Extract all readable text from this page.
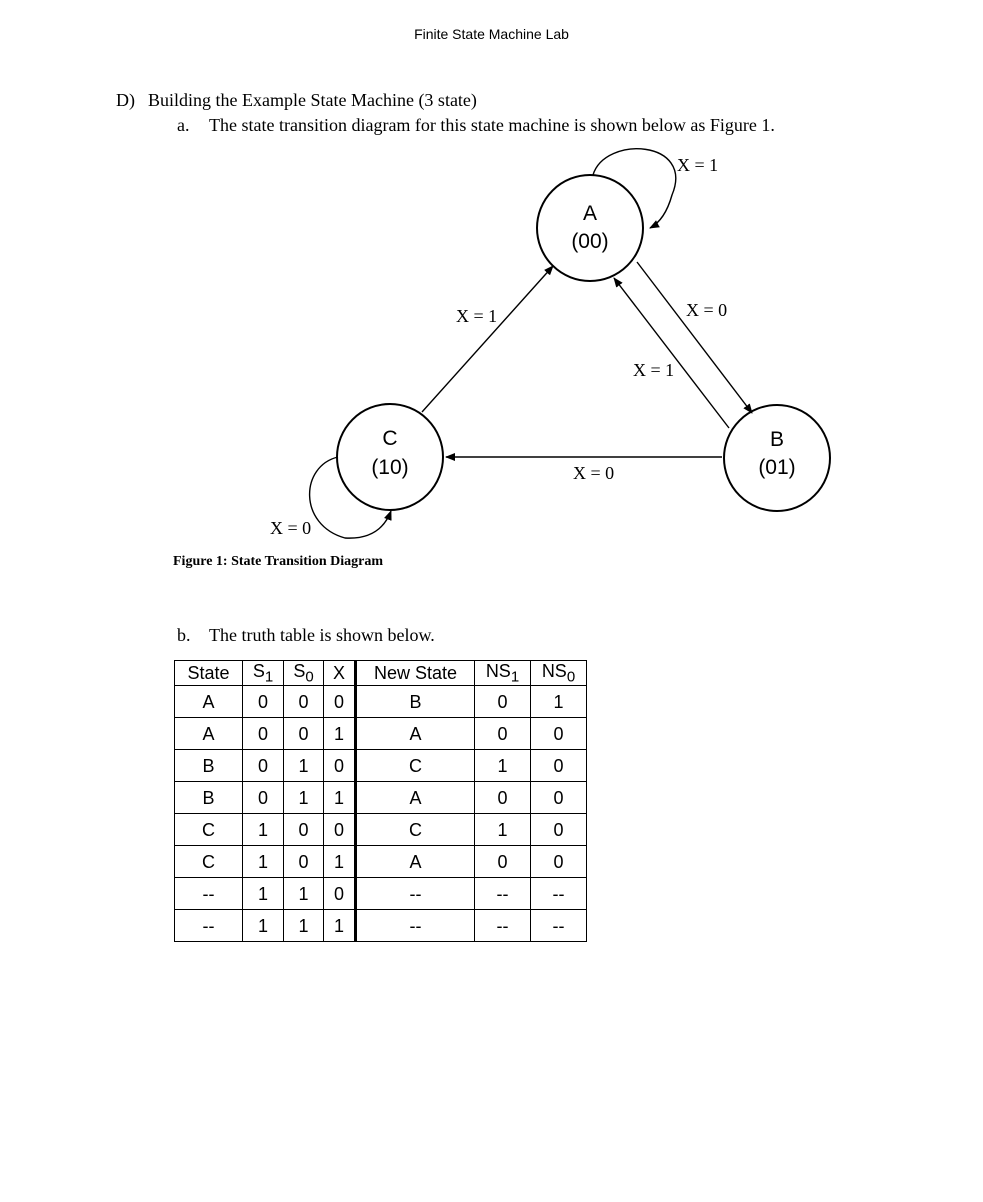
Finite State Machine Lab
D) Building the Example State Machine (3 state)
a. The state transition diagram for this state machine is shown below as Figure 1.
A
(00)
B
(01)
C
(10)
X = 1
X = 0
X = 1
X = 0
X = 1
X = 0
Figure 1: State Transition Diagram
b. The truth table is shown below.
State	$S_1$	$S_0$	X	New State	$NS_1$	$NS_0$
A	0	0	0	B	0	1
A	0	0	1	A	0	0
B	0	1	0	C	1	0
B	0	1	1	A	0	0
C	1	0	0	C	1	0
C	1	0	1	A	0	0
--	1	1	0	--	--	--
--	1	1	1	--	--	--
